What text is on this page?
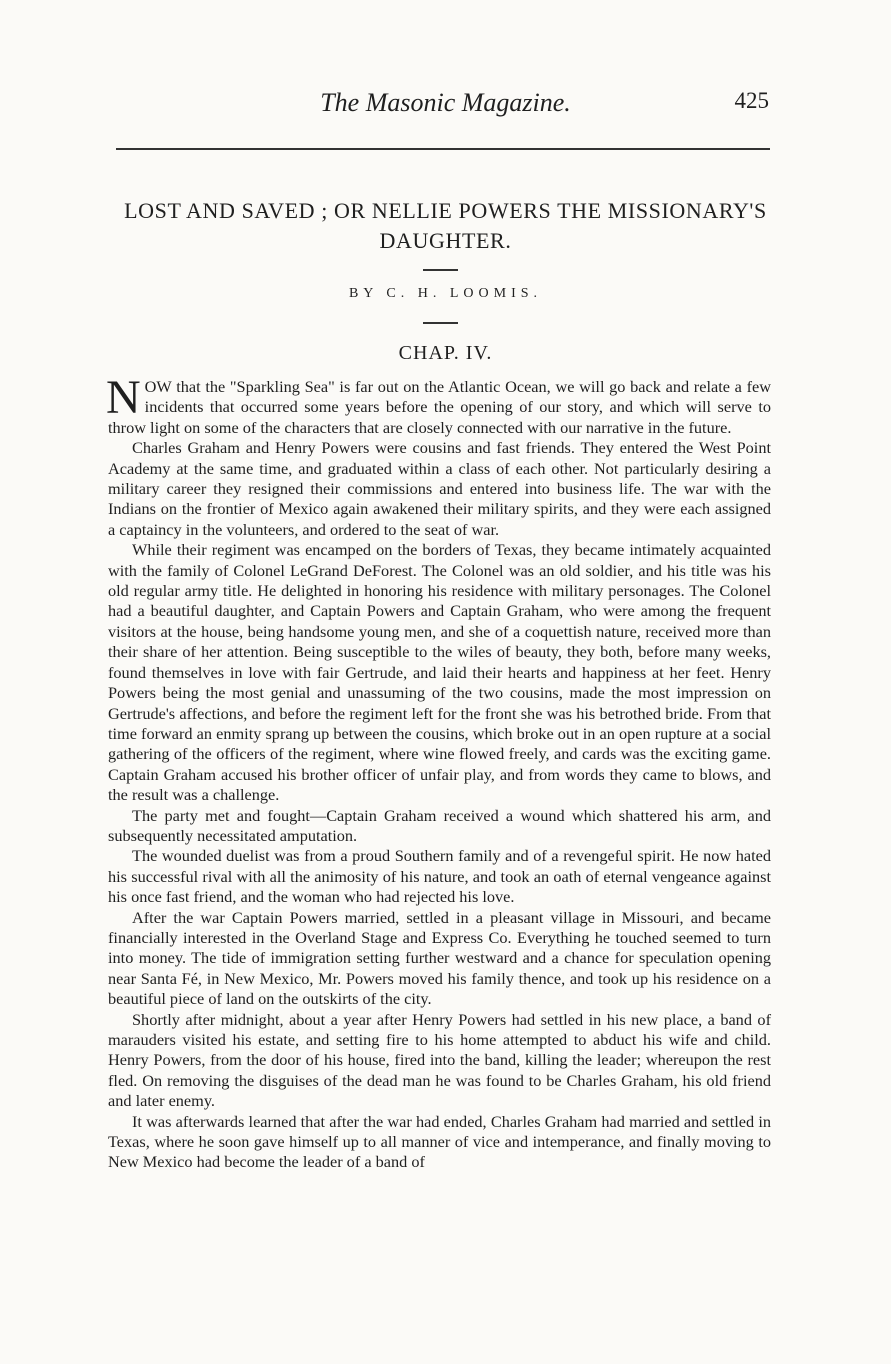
The Masonic Magazine.	425
LOST AND SAVED ; OR NELLIE POWERS THE MISSIONARY'S DAUGHTER.
BY C. H. LOOMIS.
CHAP. IV.

NOW that the "Sparkling Sea" is far out on the Atlantic Ocean, we will go back and relate a few incidents that occurred some years before the opening of our story, and which will serve to throw light on some of the characters that are closely connected with our narrative in the future.

Charles Graham and Henry Powers were cousins and fast friends. They entered the West Point Academy at the same time, and graduated within a class of each other. Not particularly desiring a military career they resigned their commissions and entered into business life. The war with the Indians on the frontier of Mexico again awakened their military spirits, and they were each assigned a captaincy in the volunteers, and ordered to the seat of war.

While their regiment was encamped on the borders of Texas, they became intimately acquainted with the family of Colonel LeGrand DeForest. The Colonel was an old soldier, and his title was his old regular army title. He delighted in honoring his residence with military personages. The Colonel had a beautiful daughter, and Captain Powers and Captain Graham, who were among the frequent visitors at the house, being handsome young men, and she of a coquettish nature, received more than their share of her attention. Being susceptible to the wiles of beauty, they both, before many weeks, found themselves in love with fair Gertrude, and laid their hearts and happiness at her feet. Henry Powers being the most genial and unassuming of the two cousins, made the most impression on Gertrude's affections, and before the regiment left for the front she was his betrothed bride. From that time forward an enmity sprang up between the cousins, which broke out in an open rupture at a social gathering of the officers of the regiment, where wine flowed freely, and cards was the exciting game. Captain Graham accused his brother officer of unfair play, and from words they came to blows, and the result was a challenge.

The party met and fought—Captain Graham received a wound which shattered his arm, and subsequently necessitated amputation.

The wounded duelist was from a proud Southern family and of a revengeful spirit. He now hated his successful rival with all the animosity of his nature, and took an oath of eternal vengeance against his once fast friend, and the woman who had rejected his love.

After the war Captain Powers married, settled in a pleasant village in Missouri, and became financially interested in the Overland Stage and Express Co. Everything he touched seemed to turn into money. The tide of immigration setting further westward and a chance for speculation opening near Santa Fé, in New Mexico, Mr. Powers moved his family thence, and took up his residence on a beautiful piece of land on the outskirts of the city.

Shortly after midnight, about a year after Henry Powers had settled in his new place, a band of marauders visited his estate, and setting fire to his home attempted to abduct his wife and child. Henry Powers, from the door of his house, fired into the band, killing the leader; whereupon the rest fled. On removing the disguises of the dead man he was found to be Charles Graham, his old friend and later enemy.

It was afterwards learned that after the war had ended, Charles Graham had married and settled in Texas, where he soon gave himself up to all manner of vice and intemperance, and finally moving to New Mexico had become the leader of a band of
